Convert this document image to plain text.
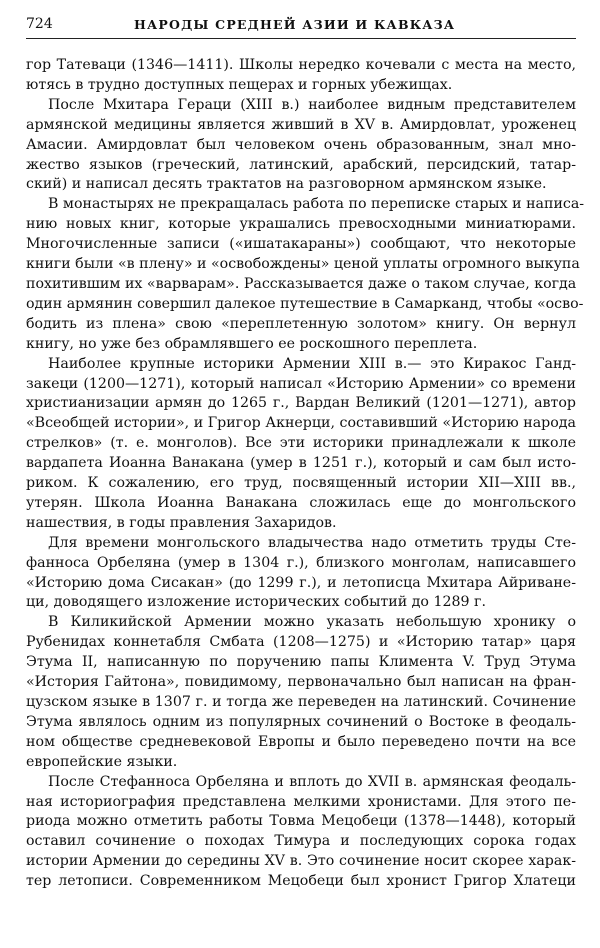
724	НАРОДЫ СРЕДНЕЙ АЗИИ И КАВКАЗА

гор Татеваци (1346—1411). Школы нередко кочевали с места на место,
ютясь в трудно доступных пещерах и горных убежищах.

После Мхитара Гераци (XIII в.) наиболее видным представителем
армянской медицины является живший в XV в. Амирдовлат, уроженец
Амасии. Амирдовлат был человеком очень образованным, знал мно-
жество языков (греческий, латинский, арабский, персидский, татар-
ский) и написал десять трактатов на разговорном армянском языке.

В монастырях не прекращалась работа по переписке старых и написа-
нию новых книг, которые украшались превосходными миниатюрами.
Многочисленные записи («ишатакараны») сообщают, что некоторые
книги были «в плену» и «освобождены» ценой уплаты огромного выкупа
похитившим их «варварам». Рассказывается даже о таком случае, когда
один армянин совершил далекое путешествие в Самарканд, чтобы «осво-
бодить из плена» свою «переплетенную золотом» книгу. Он вернул
книгу, но уже без обрамлявшего ее роскошного переплета.

Наиболее крупные историки Армении XIII в.— это Киракос Ганд-
закеци (1200—1271), который написал «Историю Армении» со времени
христианизации армян до 1265 г., Вардан Великий (1201—1271), автор
«Всеобщей истории», и Григор Акнерци, составивший «Историю народа
стрелков» (т. е. монголов). Все эти историки принадлежали к школе
вардапета Иоанна Ванакана (умер в 1251 г.), который и сам был исто-
риком. К сожалению, его труд, посвященный истории XII—XIII вв.,
утерян. Школа Иоанна Ванакана сложилась еще до монгольского
нашествия, в годы правления Захаридов.

Для времени монгольского владычества надо отметить труды Сте-
фанноса Орбеляна (умер в 1304 г.), близкого монголам, написавшего
«Историю дома Сисакан» (до 1299 г.), и летописца Мхитара Айриване-
ци, доводящего изложение исторических событий до 1289 г.

В Киликийской Армении можно указать небольшую хронику о
Рубенидах коннетабля Смбата (1208—1275) и «Историю татар» царя
Этума II, написанную по поручению папы Климента V. Труд Этума
«История Гайтона», повидимому, первоначально был написан на фран-
цузском языке в 1307 г. и тогда же переведен на латинский. Сочинение
Этума являлось одним из популярных сочинений о Востоке в феодаль-
ном обществе средневековой Европы и было переведено почти на все
европейские языки.

После Стефанноса Орбеляна и вплоть до XVII в. армянская феодаль-
ная историография представлена мелкими хронистами. Для этого пе-
риода можно отметить работы Товма Мецобеци (1378—1448), который
оставил сочинение о походах Тимура и последующих сорока годах
истории Армении до середины XV в. Это сочинение носит скорее харак-
тер летописи. Современником Мецобеци был хронист Григор Хлатеци
